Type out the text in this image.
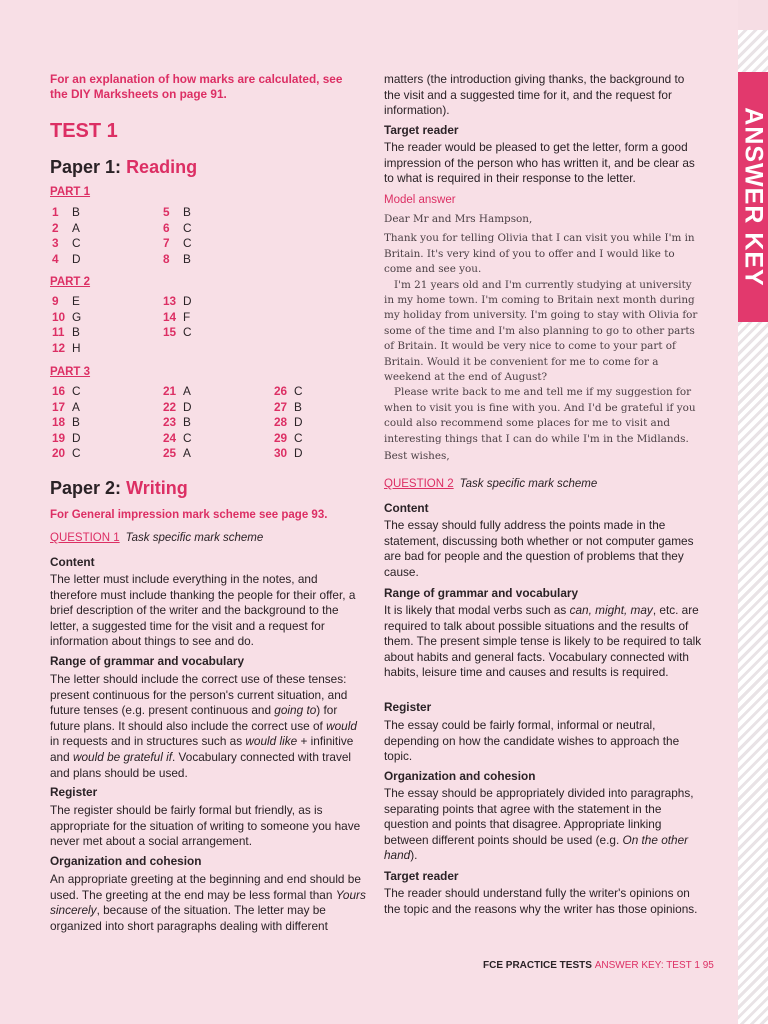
ANSWER KEY
For an explanation of how marks are calculated, see the DIY Marksheets on page 91.
TEST 1
Paper 1: Reading
PART 1
1 B
2 A
3 C
4 D
5 B
6 C
7 C
8 B
PART 2
9 E
10 G
11 B
12 H
13 D
14 F
15 C
PART 3
16 C
17 A
18 B
19 D
20 C
21 A
22 D
23 B
24 C
25 A
26 C
27 B
28 D
29 C
30 D
Paper 2: Writing
For General impression mark scheme see page 93.
QUESTION 1 Task specific mark scheme
Content
The letter must include everything in the notes, and therefore must include thanking the people for their offer, a brief description of the writer and the background to the letter, a suggested time for the visit and a request for information about things to see and do.
Range of grammar and vocabulary
The letter should include the correct use of these tenses: present continuous for the person's current situation, and future tenses (e.g. present continuous and going to) for future plans. It should also include the correct use of would in requests and in structures such as would like + infinitive and would be grateful if. Vocabulary connected with travel and plans should be used.
Register
The register should be fairly formal but friendly, as is appropriate for the situation of writing to someone you have never met about a social arrangement.
Organization and cohesion
An appropriate greeting at the beginning and end should be used. The greeting at the end may be less formal than Yours sincerely, because of the situation. The letter may be organized into short paragraphs dealing with different
matters (the introduction giving thanks, the background to the visit and a suggested time for it, and the request for information).
Target reader
The reader would be pleased to get the letter, form a good impression of the person who has written it, and be clear as to what is required in their response to the letter.
Model answer

Dear Mr and Mrs Hampson,

Thank you for telling Olivia that I can visit you while I'm in Britain. It's very kind of you to offer and I would like to come and see you.

I'm 21 years old and I'm currently studying at university in my home town. I'm coming to Britain next month during my holiday from university. I'm going to stay with Olivia for some of the time and I'm also planning to go to other parts of Britain. It would be very nice to come to your part of Britain. Would it be convenient for me to come for a weekend at the end of August?

Please write back to me and tell me if my suggestion for when to visit you is fine with you. And I'd be grateful if you could also recommend some places for me to visit and interesting things that I can do while I'm in the Midlands.

Best wishes,

QUESTION 2 Task specific mark scheme
Content
The essay should fully address the points made in the statement, discussing both whether or not computer games are bad for people and the question of problems that they cause.
Range of grammar and vocabulary
It is likely that modal verbs such as can, might, may, etc. are required to talk about possible situations and the results of them. The present simple tense is likely to be required to talk about habits and general facts. Vocabulary connected with habits, leisure time and causes and results is required.
Register
The essay could be fairly formal, informal or neutral, depending on how the candidate wishes to approach the topic.
Organization and cohesion
The essay should be appropriately divided into paragraphs, separating points that agree with the statement in the question and points that disagree. Appropriate linking between different points should be used (e.g. On the other hand).
Target reader
The reader should understand fully the writer's opinions on the topic and the reasons why the writer has those opinions.
FCE PRACTICE TESTS ANSWER KEY: TEST 1 95
